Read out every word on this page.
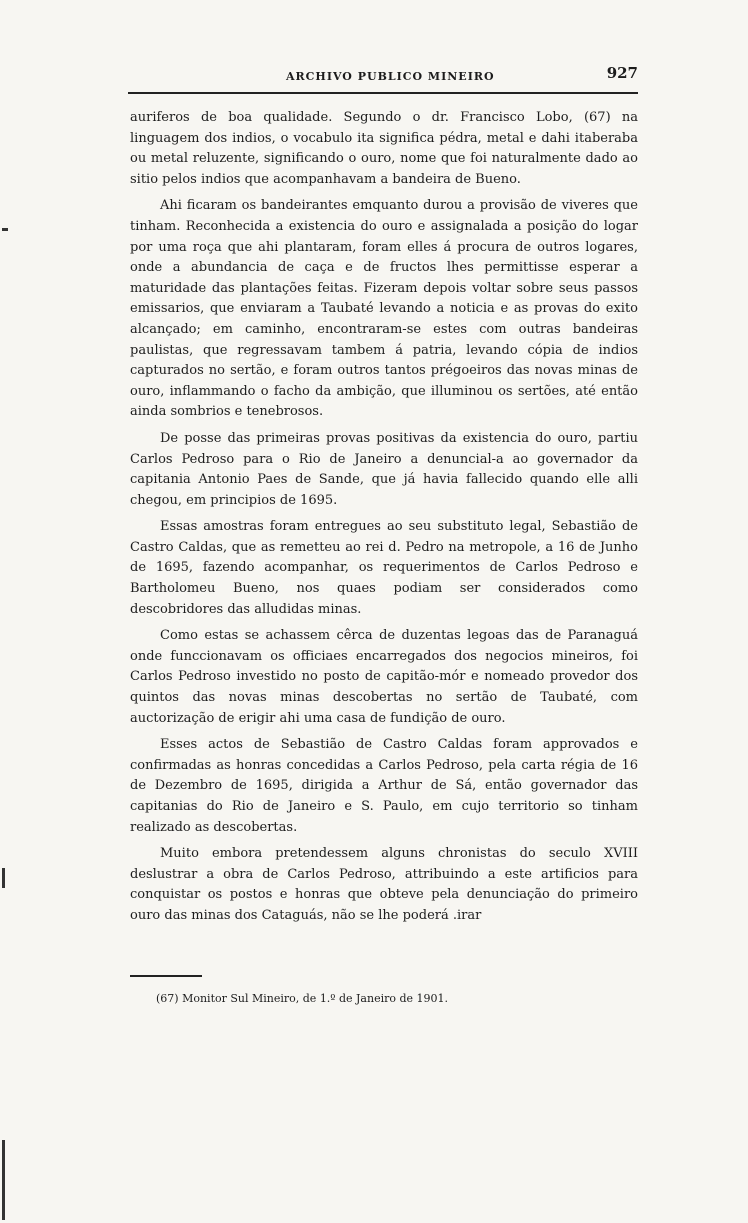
ARCHIVO PUBLICO MINEIRO	927

auriferos de boa qualidade. Segundo o dr. Francisco Lobo, (67) na linguagem dos indios, o vocabulo ita significa pédra, metal e dahi itaberaba ou metal reluzente, significando o ouro, nome que foi naturalmente dado ao sitio pelos indios que acompanhavam a bandeira de Bueno.

Ahi ficaram os bandeirantes emquanto durou a provisão de viveres que tinham. Reconhecida a existencia do ouro e assignalada a posição do logar por uma roça que ahi plantaram, foram elles á procura de outros logares, onde a abundancia de caça e de fructos lhes permittisse esperar a maturidade das plantações feitas. Fizeram depois voltar sobre seus passos emissarios, que enviaram a Taubaté levando a noticia e as provas do exito alcançado; em caminho, encontraram-se estes com outras bandeiras paulistas, que regressavam tambem á patria, levando cópia de indios capturados no sertão, e foram outros tantos prégoeiros das novas minas de ouro, inflammando o facho da ambição, que illuminou os sertões, até então ainda sombrios e tenebrosos.

De posse das primeiras provas positivas da existencia do ouro, partiu Carlos Pedroso para o Rio de Janeiro a denuncial-a ao governador da capitania Antonio Paes de Sande, que já havia fallecido quando elle alli chegou, em principios de 1695.

Essas amostras foram entregues ao seu substituto legal, Sebastião de Castro Caldas, que as remetteu ao rei d. Pedro na metropole, a 16 de Junho de 1695, fazendo acompanhar, os requerimentos de Carlos Pedroso e Bartholomeu Bueno, nos quaes podiam ser considerados como descobridores das alludidas minas.

Como estas se achassem cêrca de duzentas legoas das de Paranaguá onde funccionavam os officiaes encarregados dos negocios mineiros, foi Carlos Pedroso investido no posto de capitão-mór e nomeado provedor dos quintos das novas minas descobertas no sertão de Taubaté, com auctorização de erigir ahi uma casa de fundição de ouro.

Esses actos de Sebastião de Castro Caldas foram approvados e confirmadas as honras concedidas a Carlos Pedroso, pela carta régia de 16 de Dezembro de 1695, dirigida a Arthur de Sá, então governador das capitanias do Rio de Janeiro e S. Paulo, em cujo territorio so tinham realizado as descobertas.

Muito embora pretendessem alguns chronistas do seculo XVIII deslustrar a obra de Carlos Pedroso, attribuindo a este artificios para conquistar os postos e honras que obteve pela denunciação do primeiro ouro das minas dos Cataguás, não se lhe poderá .irar

(67) Monitor Sul Mineiro, de 1.º de Janeiro de 1901.
